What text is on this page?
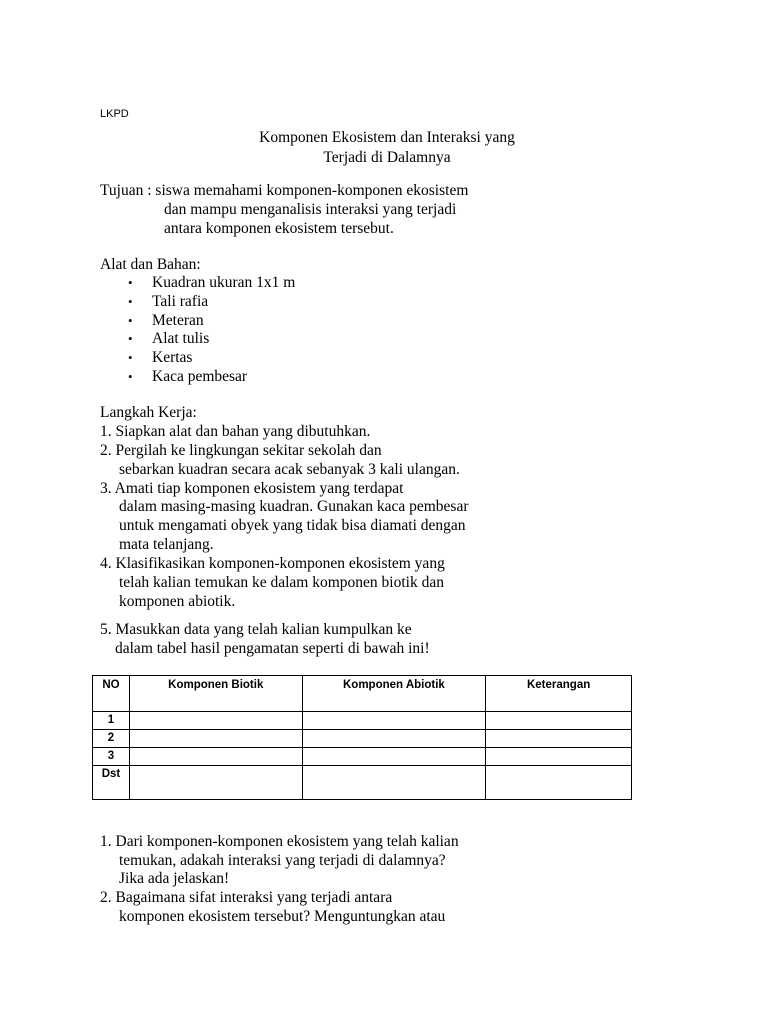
LKPD
Komponen Ekosistem dan Interaksi yang
Terjadi di Dalamnya
Tujuan : siswa memahami komponen-komponen ekosistem
dan mampu menganalisis interaksi yang terjadi
antara komponen ekosistem tersebut.
Alat dan Bahan:
• Kuadran ukuran 1x1 m
• Tali rafia
• Meteran
• Alat tulis
• Kertas
• Kaca pembesar
Langkah Kerja:
1. Siapkan alat dan bahan yang dibutuhkan.
2. Pergilah ke lingkungan sekitar sekolah dan
sebarkan kuadran secara acak sebanyak 3 kali ulangan.
3. Amati tiap komponen ekosistem yang terdapat
dalam masing-masing kuadran. Gunakan kaca pembesar
untuk mengamati obyek yang tidak bisa diamati dengan
mata telanjang.
4. Klasifikasikan komponen-komponen ekosistem yang
telah kalian temukan ke dalam komponen biotik dan
komponen abiotik.
5. Masukkan data yang telah kalian kumpulkan ke
dalam tabel hasil pengamatan seperti di bawah ini!
NO	Komponen Biotik	Komponen Abiotik	Keterangan
1			
2			
3			
Dst			
1. Dari komponen-komponen ekosistem yang telah kalian
temukan, adakah interaksi yang terjadi di dalamnya?
Jika ada jelaskan!
2. Bagaimana sifat interaksi yang terjadi antara
komponen ekosistem tersebut? Menguntungkan atau
